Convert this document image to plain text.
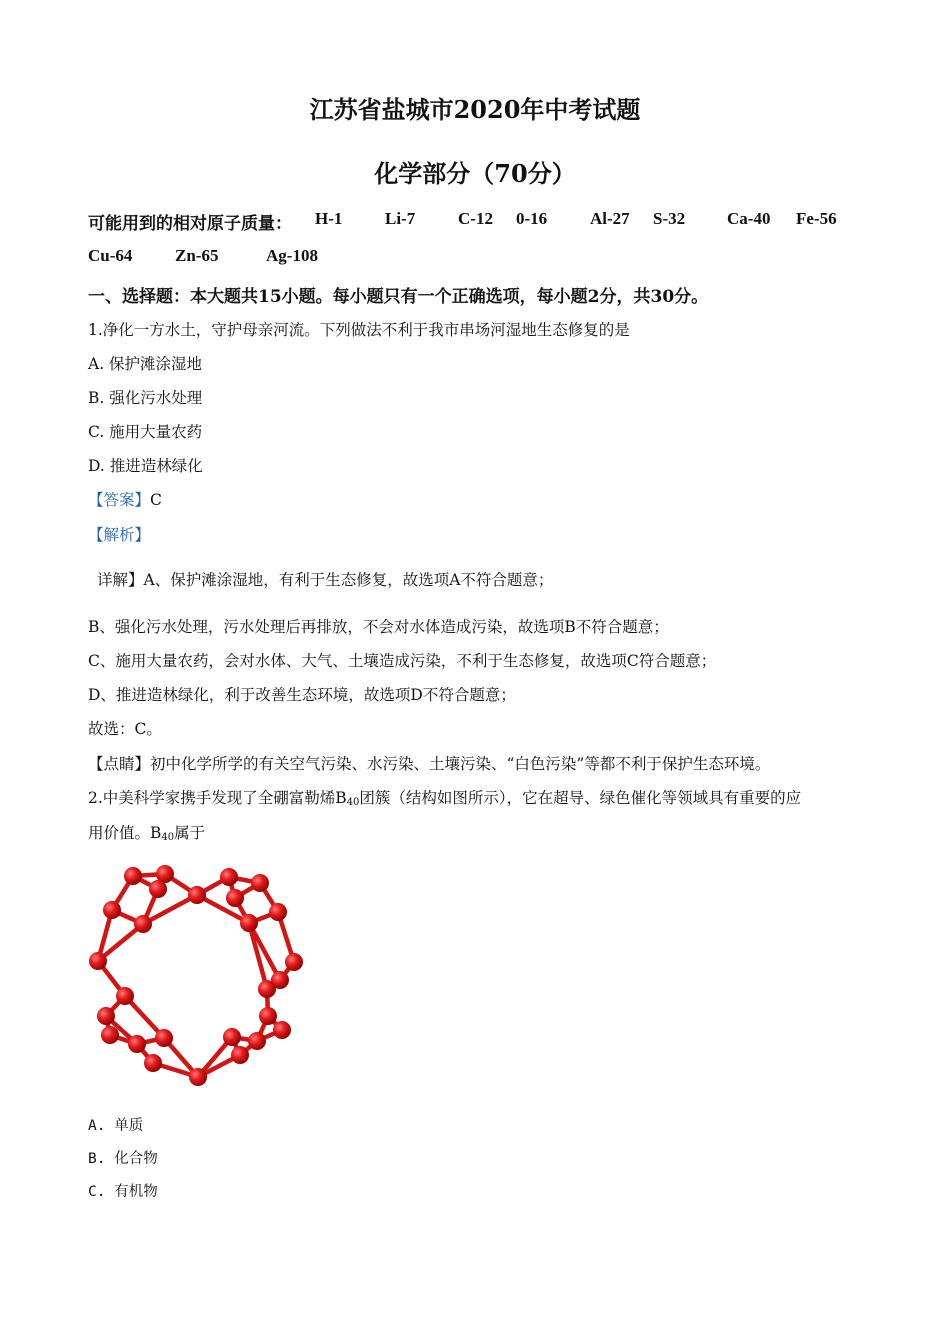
江苏省盐城市2020年中考试题
化学部分（70分）
可能用到的相对原子质量： H-1	Li-7	C-12 0-16	Al-27 S-32 Ca-40 Fe-56
Cu-64	Zn-65	Ag-108
一、选择题：本大题共15小题。每小题只有一个正确选项，每小题2分，共30分。
1.净化一方水土，守护母亲河流。下列做法不利于我市串场河湿地生态修复的是
A. 保护滩涂湿地
B. 强化污水处理
C. 施用大量农药
D. 推进造林绿化
【答案】C
【解析】
详解】A、保护滩涂湿地，有利于生态修复，故选项A不符合题意；
B、强化污水处理，污水处理后再排放，不会对水体造成污染，故选项B不符合题意；
C、施用大量农药，会对水体、大气、土壤造成污染，不利于生态修复，故选项C符合题意；
D、推进造林绿化，利于改善生态环境，故选项D不符合题意；
故选：C。
【点睛】初中化学所学的有关空气污染、水污染、土壤污染、“白色污染”等都不利于保护生态环境。
2.中美科学家携手发现了全硼富勒烯$B_{40}$团簇（结构如图所示），它在超导、绿色催化等领域具有重要的应
用价值。$B_{40}$属于
A. 单质
B. 化合物
C. 有机物
